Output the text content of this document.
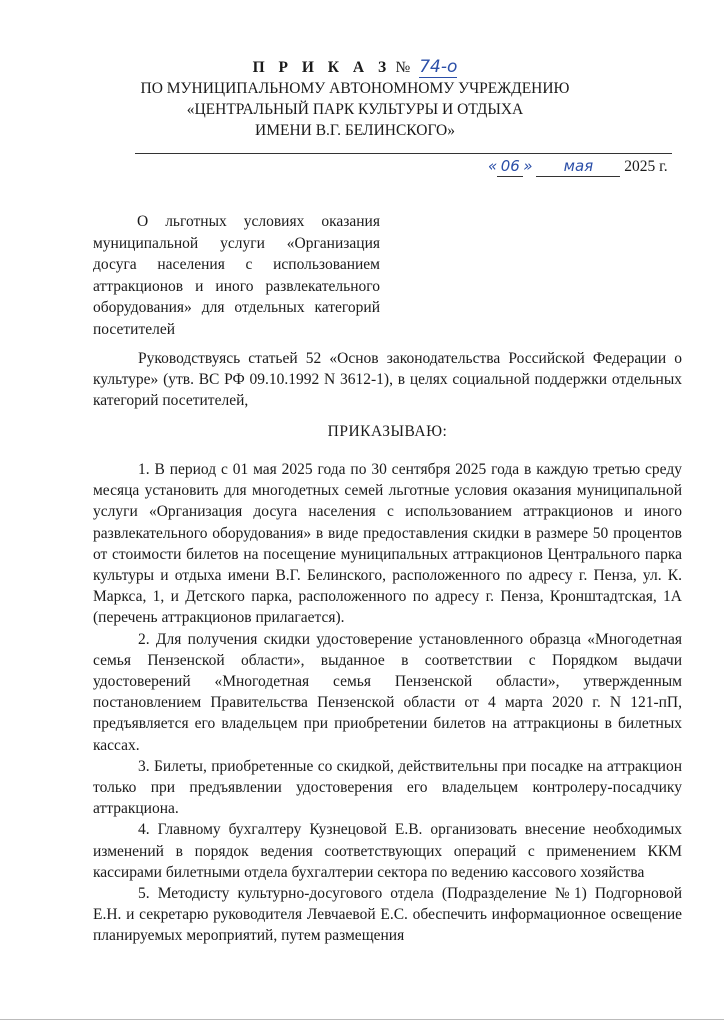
П Р И К А З № 74-о
ПО МУНИЦИПАЛЬНОМУ АВТОНОМНОМУ УЧРЕЖДЕНИЮ
«ЦЕНТРАЛЬНЫЙ ПАРК КУЛЬТУРЫ И ОТДЫХА
ИМЕНИ В.Г. БЕЛИНСКОГО»
« 06 » мая 2025 г.
О льготных условиях оказания муниципальной услуги «Организация досуга населения с использованием аттракционов и иного развлекательного оборудования» для отдельных категорий посетителей
Руководствуясь статьей 52 «Основ законодательства Российской Федерации о культуре» (утв. ВС РФ 09.10.1992 N 3612-1), в целях социальной поддержки отдельных категорий посетителей,
ПРИКАЗЫВАЮ:

1. В период с 01 мая 2025 года по 30 сентября 2025 года в каждую третью среду месяца установить для многодетных семей льготные условия оказания муниципальной услуги «Организация досуга населения с использованием аттракционов и иного развлекательного оборудования» в виде предоставления скидки в размере 50 процентов от стоимости билетов на посещение муниципальных аттракционов Центрального парка культуры и отдыха имени В.Г. Белинского, расположенного по адресу г. Пенза, ул. К. Маркса, 1, и Детского парка, расположенного по адресу г. Пенза, Кронштадтская, 1А (перечень аттракционов прилагается).

2. Для получения скидки удостоверение установленного образца «Многодетная семья Пензенской области», выданное в соответствии с Порядком выдачи удостоверений «Многодетная семья Пензенской области», утвержденным постановлением Правительства Пензенской области от 4 марта 2020 г. N 121-пП, предъявляется его владельцем при приобретении билетов на аттракционы в билетных кассах.

3. Билеты, приобретенные со скидкой, действительны при посадке на аттракцион только при предъявлении удостоверения его владельцем контролеру-посадчику аттракциона.

4. Главному бухгалтеру Кузнецовой Е.В. организовать внесение необходимых изменений в порядок ведения соответствующих операций с применением ККМ кассирами билетными отдела бухгалтерии сектора по ведению кассового хозяйства

5. Методисту культурно-досугового отдела (Подразделение №1) Подгорновой Е.Н. и секретарю руководителя Левчаевой Е.С. обеспечить информационное освещение планируемых мероприятий, путем размещения
